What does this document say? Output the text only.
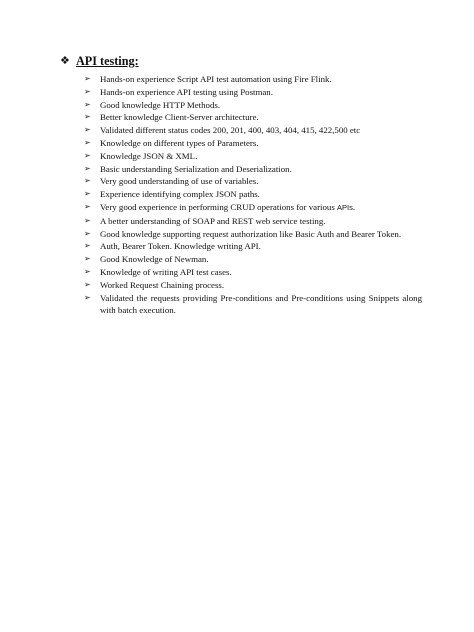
❖ API testing:
➢ Hands-on experience Script API test automation using Fire Flink.
➢ Hands-on experience API testing using Postman.
➢ Good knowledge HTTP Methods.
➢ Better knowledge Client-Server architecture.
➢ Validated different status codes 200, 201, 400, 403, 404, 415, 422,500 etc
➢ Knowledge on different types of Parameters.
➢ Knowledge JSON & XML.
➢ Basic understanding Serialization and Deserialization.
➢ Very good understanding of use of variables.
➢ Experience identifying complex JSON paths.
➢ Very good experience in performing CRUD operations for various APIs.
➢ A better understanding of SOAP and REST web service testing.
➢ Good knowledge supporting request authorization like Basic Auth and Bearer Token.
➢ Auth, Bearer Token. Knowledge writing API.
➢ Good Knowledge of Newman.
➢ Knowledge of writing API test cases.
➢ Worked Request Chaining process.
➢ Validated the requests providing Pre-conditions and Pre-conditions using Snippets along with batch execution.
